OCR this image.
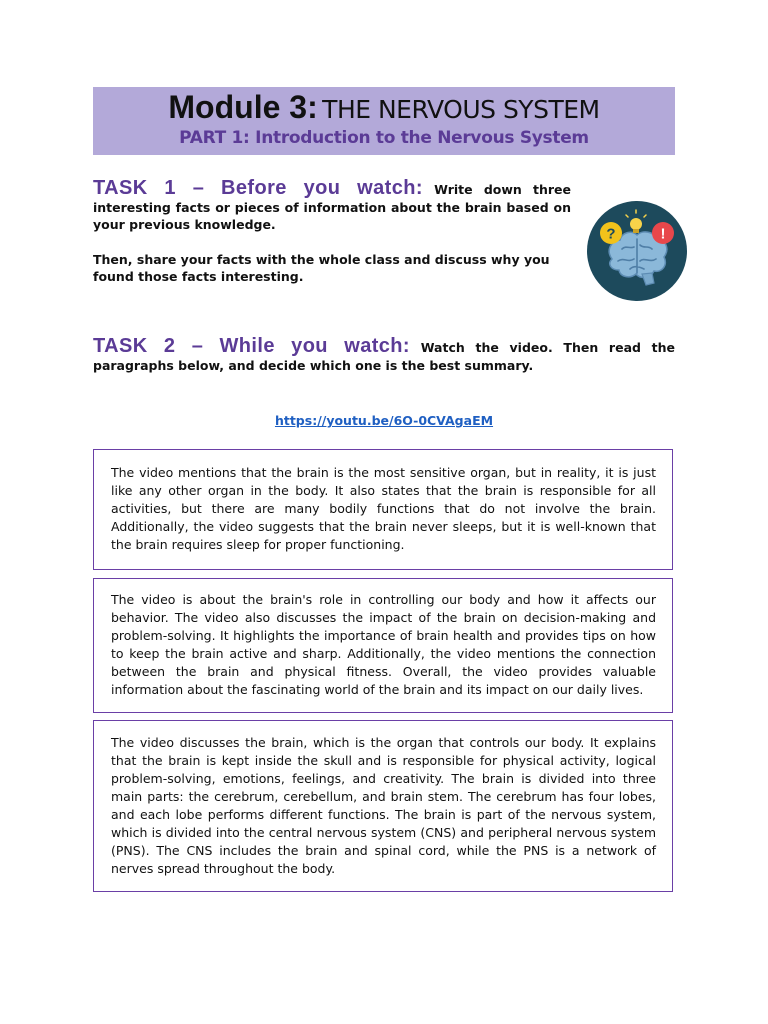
Module 3: THE NERVOUS SYSTEM
PART 1: Introduction to the Nervous System

TASK 1 – Before you watch: Write down three interesting facts or pieces of information about the brain based on your previous knowledge.

Then, share your facts with the whole class and discuss why you found those facts interesting.

?	!

TASK 2 – While you watch: Watch the video. Then read the paragraphs below, and decide which one is the best summary.

https://youtu.be/6O-0CVAgaEM
The video mentions that the brain is the most sensitive organ, but in reality, it is just like any other organ in the body. It also states that the brain is responsible for all activities, but there are many bodily functions that do not involve the brain. Additionally, the video suggests that the brain never sleeps, but it is well-known that the brain requires sleep for proper functioning.
The video is about the brain's role in controlling our body and how it affects our behavior. The video also discusses the impact of the brain on decision-making and problem-solving. It highlights the importance of brain health and provides tips on how to keep the brain active and sharp. Additionally, the video mentions the connection between the brain and physical fitness. Overall, the video provides valuable information about the fascinating world of the brain and its impact on our daily lives.
The video discusses the brain, which is the organ that controls our body. It explains that the brain is kept inside the skull and is responsible for physical activity, logical problem-solving, emotions, feelings, and creativity. The brain is divided into three main parts: the cerebrum, cerebellum, and brain stem. The cerebrum has four lobes, and each lobe performs different functions. The brain is part of the nervous system, which is divided into the central nervous system (CNS) and peripheral nervous system (PNS). The CNS includes the brain and spinal cord, while the PNS is a network of nerves spread throughout the body.
